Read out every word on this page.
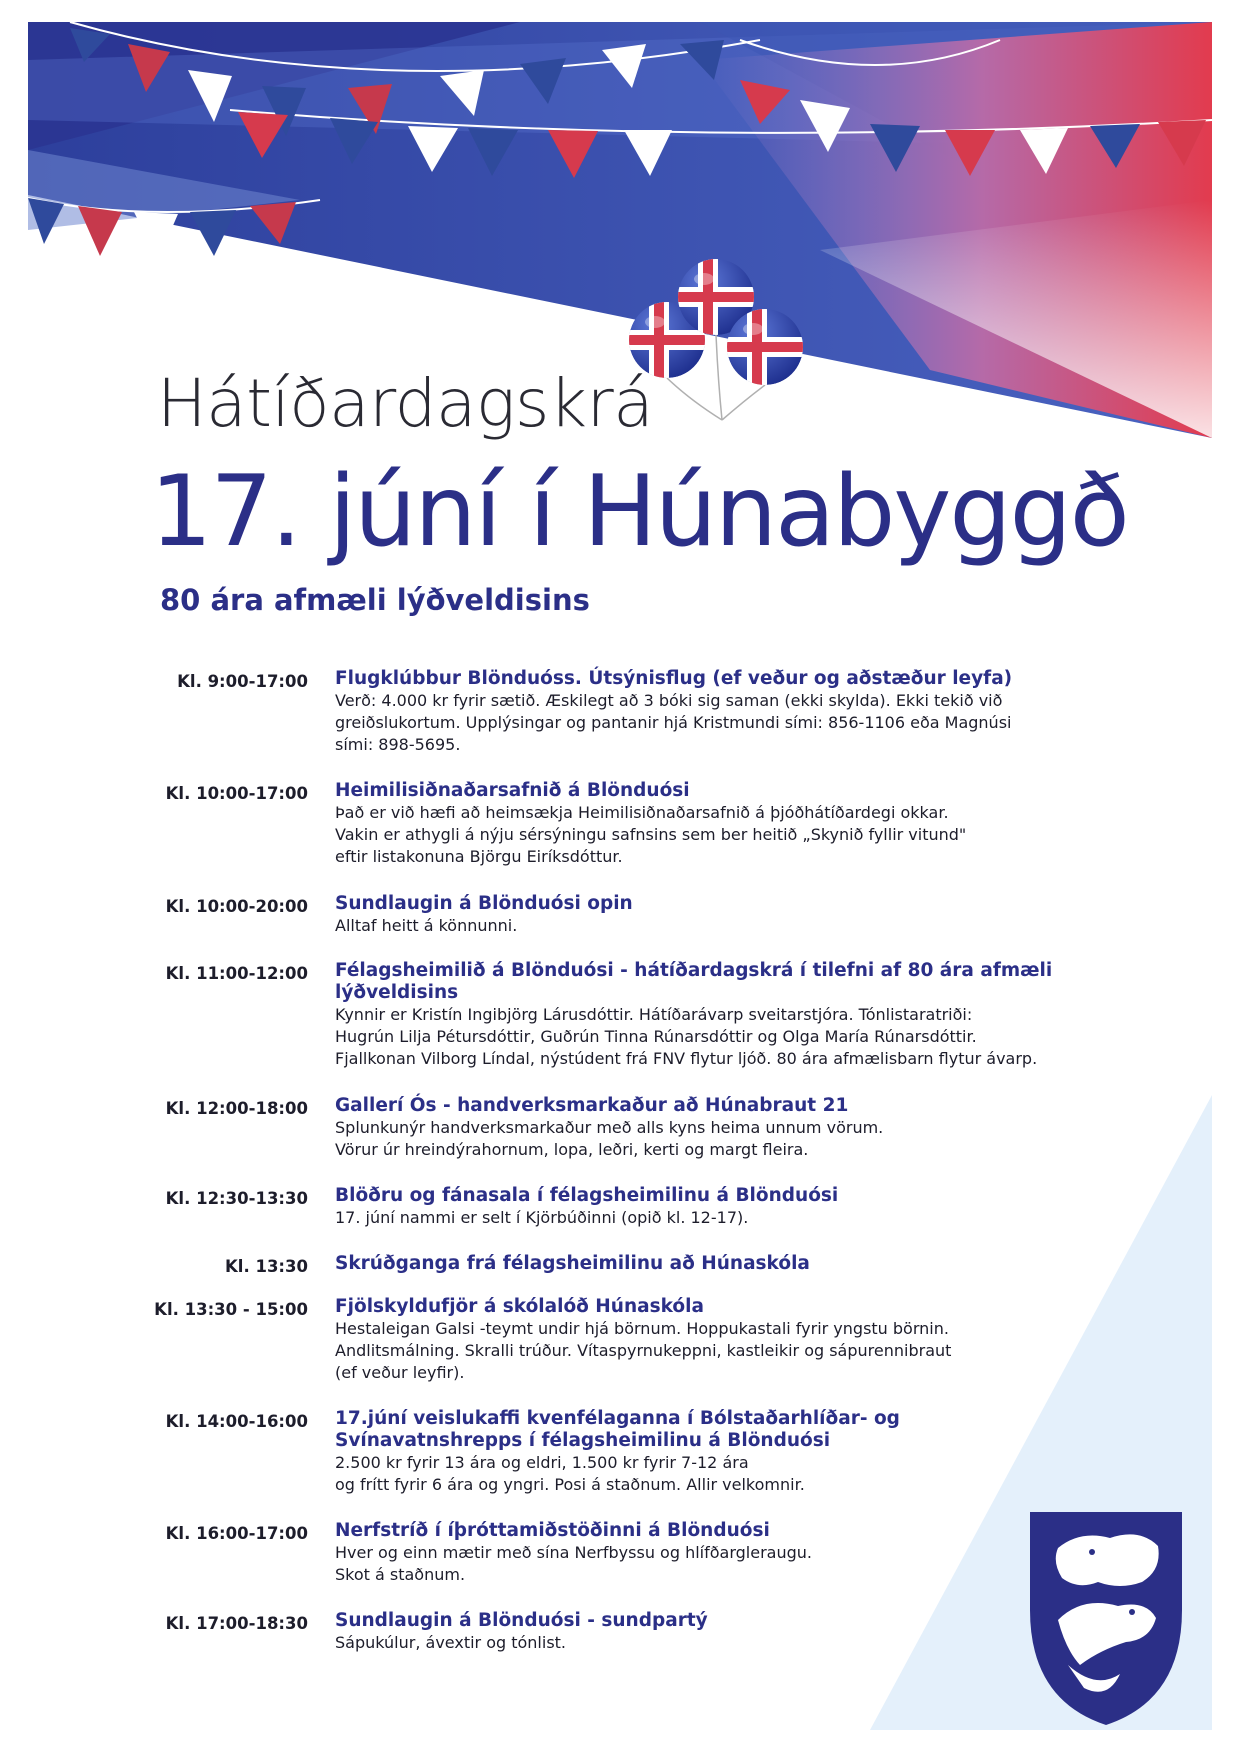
Hátíðardagskrá
17. júní í Húnabyggð
80 ára afmæli lýðveldisins
Kl. 9:00-17:00 Flugklúbbur Blönduóss. Útsýnisflug (ef veður og aðstæður leyfa)
Verð: 4.000 kr fyrir sætið. Æskilegt að 3 bóki sig saman (ekki skylda). Ekki tekið við
greiðslukortum. Upplýsingar og pantanir hjá Kristmundi sími: 856-1106 eða Magnúsi
sími: 898-5695.
Kl. 10:00-17:00 Heimilisiðnaðarsafnið á Blönduósi
Það er við hæfi að heimsækja Heimilisiðnaðarsafnið á þjóðhátíðardegi okkar.
Vakin er athygli á nýju sérsýningu safnsins sem ber heitið „Skynið fyllir vitund"
eftir listakonuna Björgu Eiríksdóttur.
Kl. 10:00-20:00 Sundlaugin á Blönduósi opin
Alltaf heitt á könnunni.
Kl. 11:00-12:00 Félagsheimilið á Blönduósi - hátíðardagskrá í tilefni af 80 ára afmæli
lýðveldisins
Kynnir er Kristín Ingibjörg Lárusdóttir. Hátíðarávarp sveitarstjóra. Tónlistaratriði:
Hugrún Lilja Pétursdóttir, Guðrún Tinna Rúnarsdóttir og Olga María Rúnarsdóttir.
Fjallkonan Vilborg Líndal, nýstúdent frá FNV flytur ljóð. 80 ára afmælisbarn flytur ávarp.
Kl. 12:00-18:00 Gallerí Ós - handverksmarkaður að Húnabraut 21
Splunkunýr handverksmarkaður með alls kyns heima unnum vörum.
Vörur úr hreindýrahornum, lopa, leðri, kerti og margt fleira.
Kl. 12:30-13:30 Blöðru og fánasala í félagsheimilinu á Blönduósi
17. júní nammi er selt í Kjörbúðinni (opið kl. 12-17).
Kl. 13:30 Skrúðganga frá félagsheimilinu að Húnaskóla
Kl. 13:30 - 15:00 Fjölskyldufjör á skólalóð Húnaskóla
Hestaleigan Galsi -teymt undir hjá börnum. Hoppukastali fyrir yngstu börnin.
Andlitsmálning. Skralli trúður. Vítaspyrnukeppni, kastleikir og sápurennibraut
(ef veður leyfir).
Kl. 14:00-16:00 17.júní veislukaffi kvenfélaganna í Bólstaðarhlíðar- og
Svínavatnshrepps í félagsheimilinu á Blönduósi
2.500 kr fyrir 13 ára og eldri, 1.500 kr fyrir 7-12 ára
og frítt fyrir 6 ára og yngri. Posi á staðnum. Allir velkomnir.
Kl. 16:00-17:00 Nerfstríð í íþróttamiðstöðinni á Blönduósi
Hver og einn mætir með sína Nerfbyssu og hlífðargleraugu.
Skot á staðnum.
Kl. 17:00-18:30 Sundlaugin á Blönduósi - sundpartý
Sápukúlur, ávextir og tónlist.
